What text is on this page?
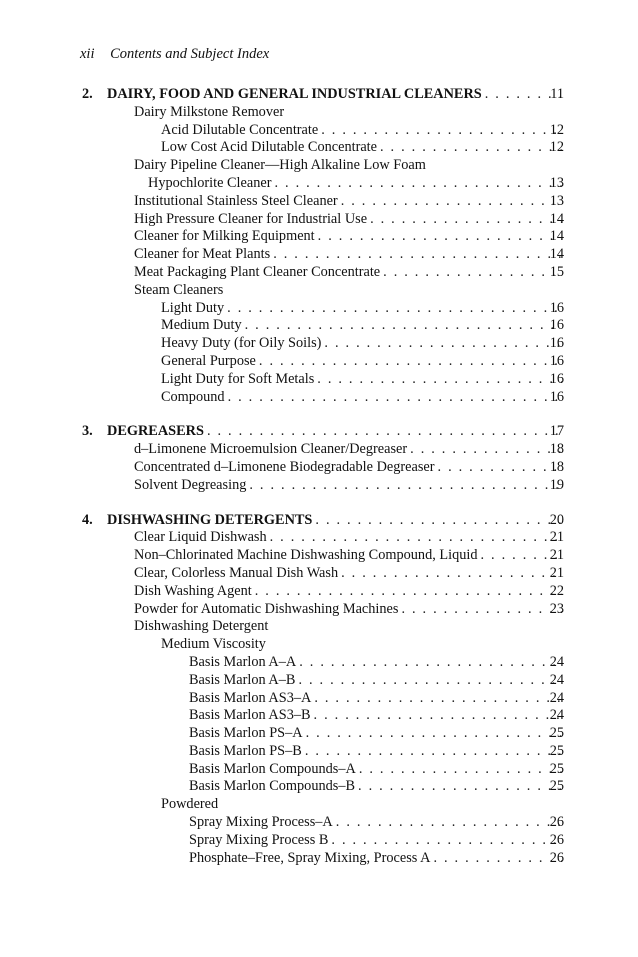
xii Contents and Subject Index
2. DAIRY, FOOD AND GENERAL INDUSTRIAL CLEANERS . . .	11
Dairy Milkstone Remover
Acid Dilutable Concentrate . . .	12
Low Cost Acid Dilutable Concentrate . . .	12
Dairy Pipeline Cleaner—High Alkaline Low Foam
Hypochlorite Cleaner . . .	13
Institutional Stainless Steel Cleaner . . .	13
High Pressure Cleaner for Industrial Use . . .	14
Cleaner for Milking Equipment . . .	14
Cleaner for Meat Plants . . .	14
Meat Packaging Plant Cleaner Concentrate . . .	15
Steam Cleaners
Light Duty . . .	16
Medium Duty . . .	16
Heavy Duty (for Oily Soils) . . .	16
General Purpose . . .	16
Light Duty for Soft Metals . . .	16
Compound . . .	16
3. DEGREASERS . . .	17
d–Limonene Microemulsion Cleaner/Degreaser . . .	18
Concentrated d–Limonene Biodegradable Degreaser . . .	18
Solvent Degreasing . . .	19
4. DISHWASHING DETERGENTS . . .	20
Clear Liquid Dishwash . . .	21
Non–Chlorinated Machine Dishwashing Compound, Liquid . . .	21
Clear, Colorless Manual Dish Wash . . .	21
Dish Washing Agent . . .	22
Powder for Automatic Dishwashing Machines . . .	23
Dishwashing Detergent
Medium Viscosity
Basis Marlon A–A . . .	24
Basis Marlon A–B . . .	24
Basis Marlon AS3–A . . .	24
Basis Marlon AS3–B . . .	24
Basis Marlon PS–A . . .	25
Basis Marlon PS–B . . .	25
Basis Marlon Compounds–A . . .	25
Basis Marlon Compounds–B . . .	25
Powdered
Spray Mixing Process–A . . .	26
Spray Mixing Process B . . .	26
Phosphate–Free, Spray Mixing, Process A . . .	26
